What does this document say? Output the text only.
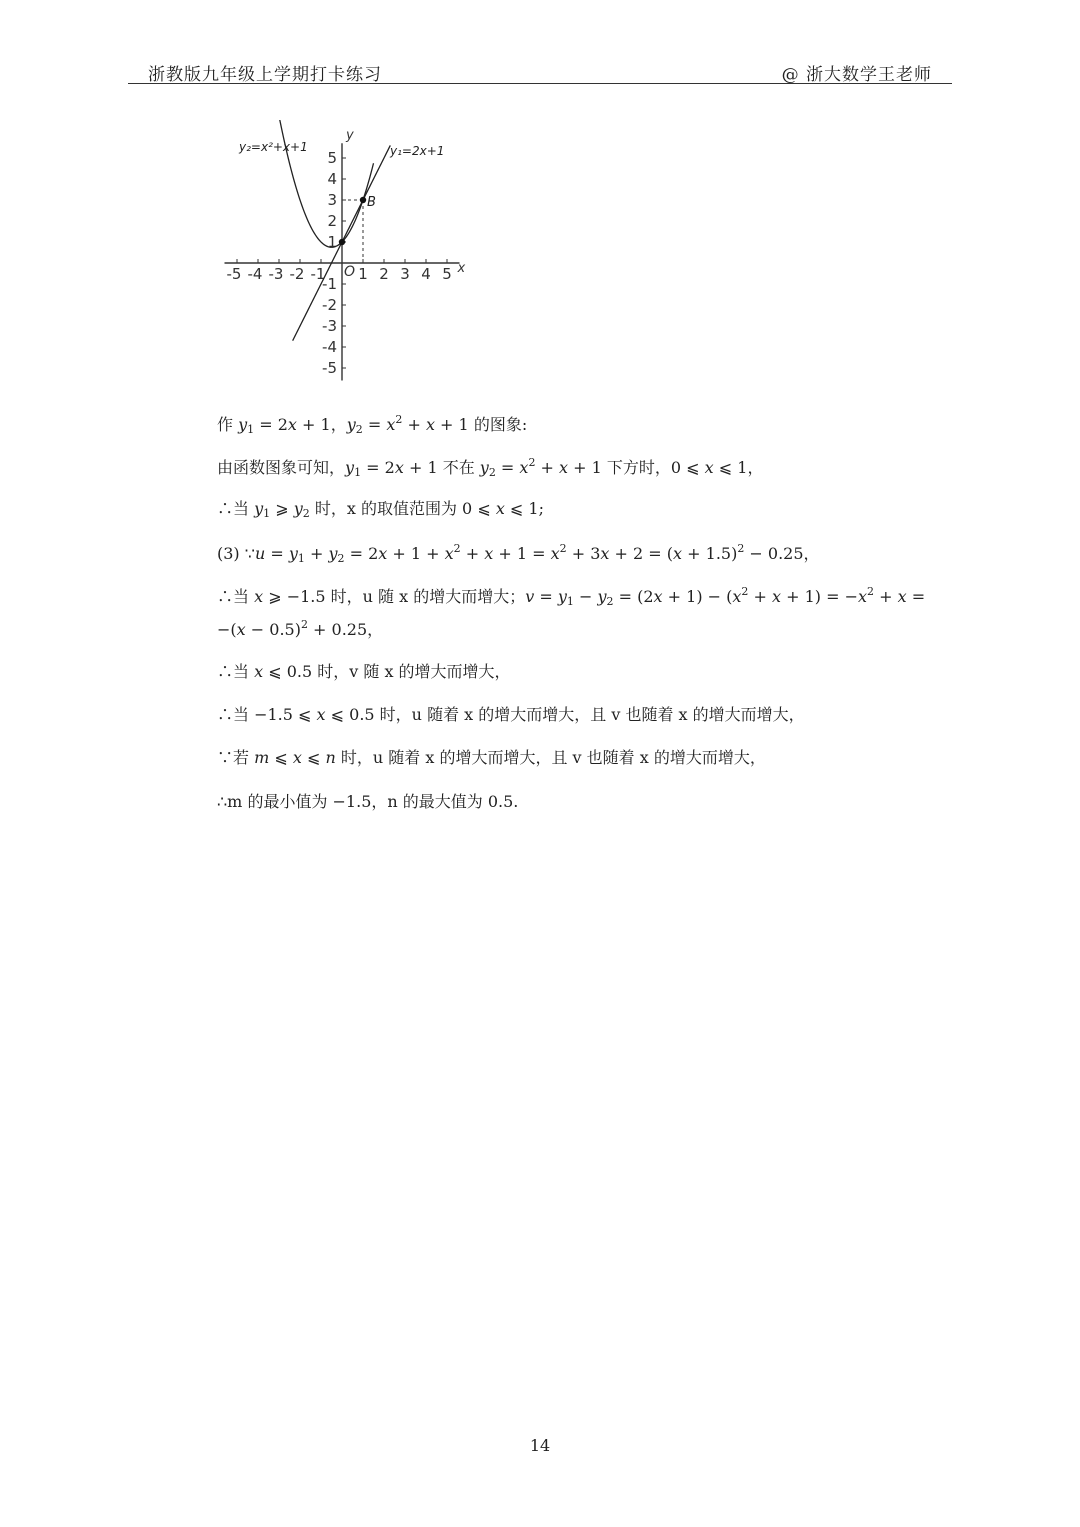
浙教版九年级上学期打卡练习	@ 浙大数学王老师
-5 -4 -3 -2 -1 1 2 3 4 5
5
4
3
2
1
-1
-2
-3
-4
-5
x
y
O
y₁=2x+1
y₂=x²+x+1
B
作 $y_1 = 2x + 1$，$y_2 = x^2 + x + 1$ 的图象:
由函数图象可知，$y_1 = 2x + 1$ 不在 $y_2 = x^2 + x + 1$ 下方时，0 ⩽ x ⩽ 1，
∴当 $y_1$ ⩾ $y_2$ 时，x 的取值范围为 0 ⩽ x ⩽ 1;
(3) ∵u = $y_1 + y_2 = 2x + 1 + x^2 + x + 1 = x^2 + 3x + 2 = (x + 1.5)^2 - 0.25$，
∴当 x ⩾ −1.5 时，u 随 x 的增大而增大；$v = y_1 - y_2 = (2x + 1) - (x^2 + x + 1) = -x^2 + x$ =
$-(x - 0.5)^2 + 0.25$，
∴当 x ⩽ 0.5 时，v 随 x 的增大而增大，
∴当 −1.5 ⩽ x ⩽ 0.5 时，u 随着 x 的增大而增大，且 v 也随着 x 的增大而增大，
∵若 m ⩽ x ⩽ n 时，u 随着 x 的增大而增大，且 v 也随着 x 的增大而增大，
∴m 的最小值为 −1.5，n 的最大值为 0.5.
14
